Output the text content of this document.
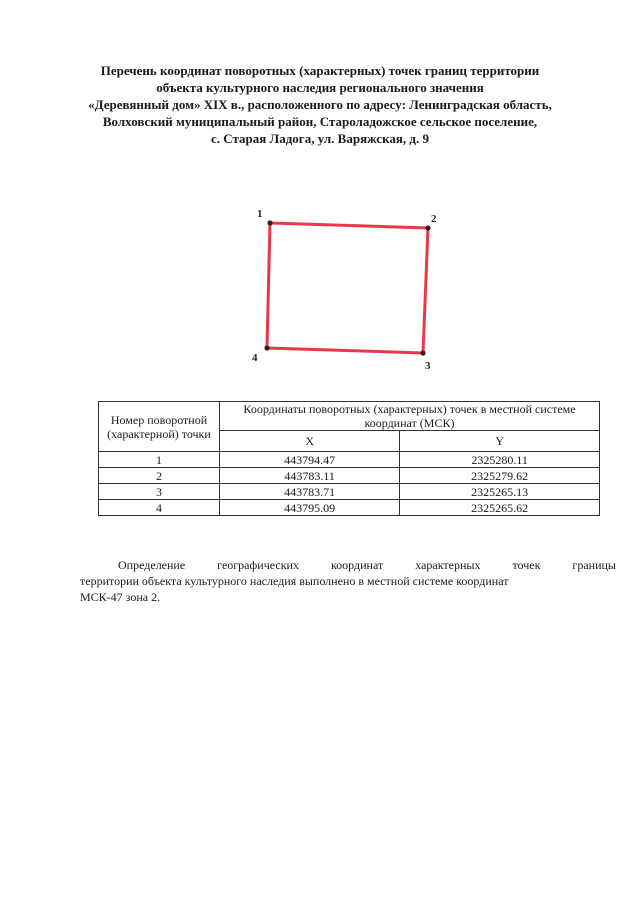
Перечень координат поворотных (характерных) точек границ территории
объекта культурного наследия регионального значения
«Деревянный дом» XIX в., расположенного по адресу: Ленинградская область,
Волховский муниципальный район, Староладожское сельское поселение,
с. Старая Ладога, ул. Варяжская, д. 9
1	2
3
4
Номер поворотной (характерной) точки	Координаты поворотных (характерных) точек в местной системе координат (МСК)	
	X	Y
1	443794.47	2325280.11
2	443783.11	2325279.62
3	443783.71	2325265.13
4	443795.09	2325265.62
Определение географических координат характерных точек границы
территории объекта культурного наследия выполнено в местной системе координат
МСК-47 зона 2.
